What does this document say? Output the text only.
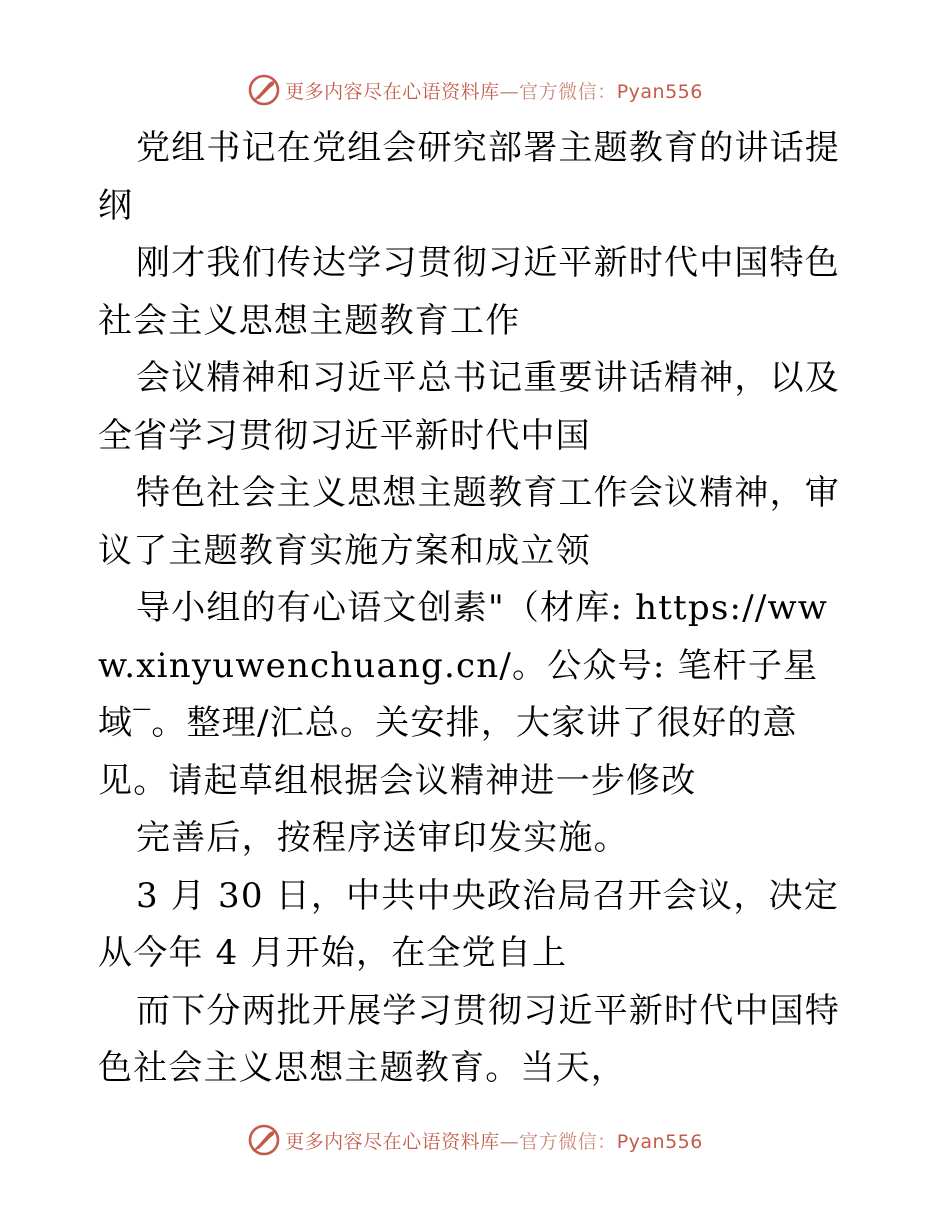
更多内容尽在心语资料库—官方微信：Pyan556

党组书记在党组会研究部署主题教育的讲话提纲

刚才我们传达学习贯彻习近平新时代中国特色社会主义思想主题教育工作

会议精神和习近平总书记重要讲话精神，以及全省学习贯彻习近平新时代中国

特色社会主义思想主题教育工作会议精神，审议了主题教育实施方案和成立领

导小组的有心语文创素"（材库: https://www.xinyuwenchuang.cn/。公众号: 笔杆子星域‾。整理/汇总。关安排，大家讲了很好的意见。请起草组根据会议精神进一步修改

完善后，按程序送审印发实施。

3 月 30 日，中共中央政治局召开会议，决定从今年 4 月开始，在全党自上

而下分两批开展学习贯彻习近平新时代中国特色社会主义思想主题教育。当天，

更多内容尽在心语资料库—官方微信：Pyan556
